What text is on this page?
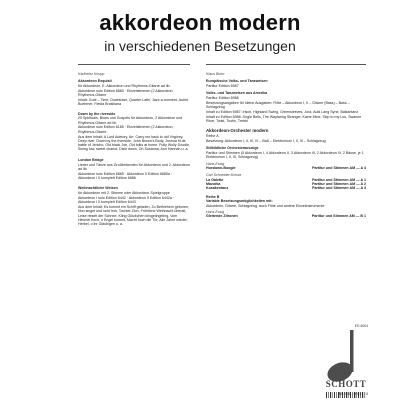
akkordeon modern
in verschiedenen Besetzungen
Karlheinz Knupp
Akkordeon Exquisit
für Akkordeon, E. Akkordeon und Rhythmus-Gitarre ad lib.
Akkordeon solo Edition 6880 · Einzelstimmen (2 Akkordeon, Rhythmus-Gitarre
Inhalt: Gute – Time, Downtown, Quarter Latin, Jazz-a-moment, Astrid Boehmer, Fiesta Brasiliana
Down by the riverside
20 Spirituals, Blues und Gospels für Akkordeon, 2 Akkordeon und Rhythmus-Gitarre ad lib.
Akkordeon solo Edition 6185 · Einzelstimmen (2 Akkordeon, Rhythmus-Gitarre
Aus dem Inhalt: A Lord Adetory, Arr. Carry me back to old Virginny, Deep river, Down by the riverside, John Brown's Body, Joshua fit de battle of Jericho, Old black Joe, Old folks at home, Polly Wolly Doodle, Swing low, sweet chariot, Dixie down, Oh Susanna, Ann Hannah u. a.
London Bridge
Lieder und Tänze aus Großbritannien für Akkordeon und 2. Akkordeon ad lib.
Akkordeon solo Edition 6885 · Akkordeon II Edition 6885a · Akkordeon I II komplett Edition 6886
Weihnachtliche Weisen
für Akkordeon mit 2. Stimme oder Akkordeon-Spielgruppe
Akkordeon I solo Edition 6442 · Akkordeon II Edition 6442a · Akkordeon I II komplett Edition 6443
Aus dem Inhalt: Es kommt ein Schiff geladen, Zu Bethlehem geboren, Nun singet und seid froh, Tochter Zion, Fröhliche Weihnacht überall, Leise rieselt der Schnee, Kling Glöckchen klingelingeling, Vom Himmel hoch, o Engel kommt, Macht hoch die Tür, Alle Jahre wieder, Herbei, o ihr Gläubigen u. a.
Klaus Bohn
Europäische Volks- und Tanzweisen
Partitur Edition 6987
Volks- und Tanzweisen aus Amerika
Partitur Edition 6988
Besetzungsangaben für kleine Ausgaben: Flöte – Akkordeon I, II – Gitarre (Bass) – Bass – Schlagzeug
Inhalt zu Edition 6987: Irisch, Highland Swing, Greensleeves, Jora, Auld Lang Syne, Balkantanz
Inhalt zu Edition 6988: Jingle Bells, The Wayfaring Stranger, Kaine Mine, Skip to my Lou, Swanee River, Twist, Tustin, Trebbi
Akkordeon-Orchester modern
Reihe A
Besetzung: Akkordeon I, II, III, IV – Baß – Elektronium I, II, III – Schlagzeug
Stilbildliche Orchesterauszüge
Partitur und Stimmen (5 Akkordeon I, 4 Akkordeon II, 3 Akkordeon III, 2 Akkordeon IV, 2 Bässe, je 1 Elektronium I, II, III, Schlagzeug)
Hans Essig
Hoedown-Boogie	Partitur und Stimmen AM — A 4
Carl Schneider-Kreutz
La Galette	Partitur und Stimmen AM — A 1
Mazurka	Partitur und Stimmen AM — A 2
Kosakentanz	Partitur und Stimmen AM — A 3
Reihe B
Variable Besetzungsmöglichkeiten mit:
Akkordeon, Gitarre, Schlagzeug, auch Flöte und andere Einzelinstrumente
Hans Essig
Gleitende Zitronen	Partitur und Stimmen AM — B 1
ED 6004
SCHOTT
M - 001 - 09231 - 5
